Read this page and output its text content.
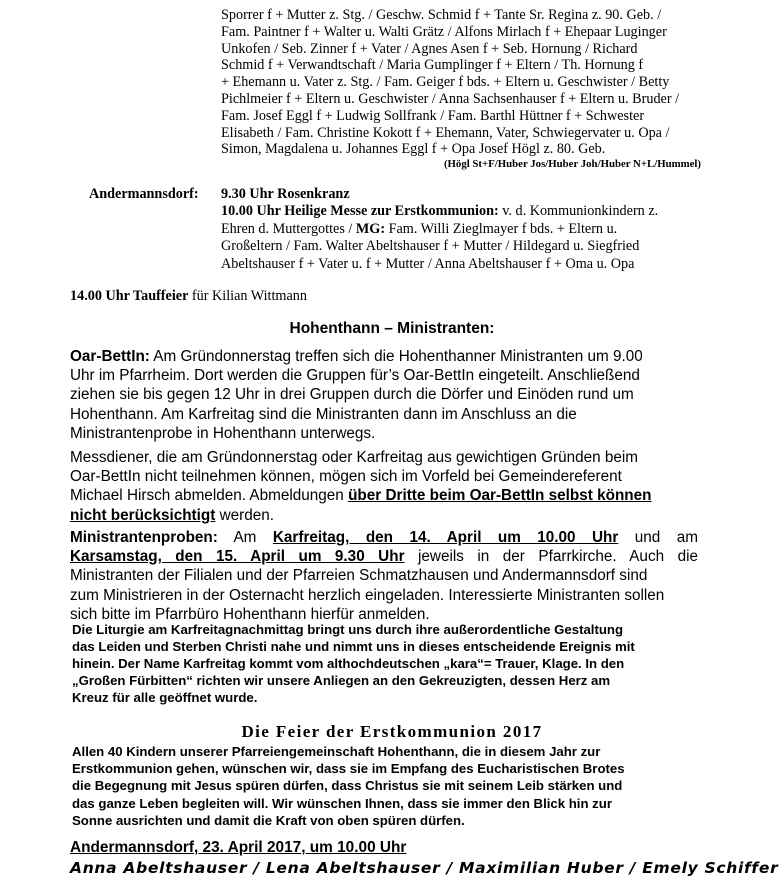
Sporrer f + Mutter z. Stg. / Geschw. Schmid f + Tante Sr. Regina z. 90. Geb. /
Fam. Paintner f + Walter u. Walti Grätz / Alfons Mirlach f + Ehepaar Luginger
Unkofen / Seb. Zinner f + Vater / Agnes Asen f + Seb. Hornung / Richard
Schmid f + Verwandtschaft / Maria Gumplinger f + Eltern / Th. Hornung f
+ Ehemann u. Vater z. Stg. / Fam. Geiger f bds. + Eltern u. Geschwister / Betty
Pichlmeier f + Eltern u. Geschwister / Anna Sachsenhauser f + Eltern u. Bruder /
Fam. Josef Eggl f + Ludwig Sollfrank / Fam. Barthl Hüttner f + Schwester
Elisabeth / Fam. Christine Kokott f + Ehemann, Vater, Schwiegervater u. Opa /
Simon, Magdalena u. Johannes Eggl f + Opa Josef Högl z. 80. Geb.
(Högl St+F/Huber Jos/Huber Joh/Huber N+L/Hummel)
Andermannsdorf: 9.30 Uhr Rosenkranz
10.00 Uhr Heilige Messe zur Erstkommunion: v. d. Kommunionkindern z.
Ehren d. Muttergottes / MG: Fam. Willi Zieglmayer f bds. + Eltern u.
Großeltern / Fam. Walter Abeltshauser f + Mutter / Hildegard u. Siegfried
Abeltshauser f + Vater u. f + Mutter / Anna Abeltshauser f + Oma u. Opa
14.00 Uhr Tauffeier für Kilian Wittmann
Hohenthann – Ministranten:
Oar-BettIn: Am Gründonnerstag treffen sich die Hohenthanner Ministranten um 9.00
Uhr im Pfarrheim. Dort werden die Gruppen für’s Oar-BettIn eingeteilt. Anschließend
ziehen sie bis gegen 12 Uhr in drei Gruppen durch die Dörfer und Einöden rund um
Hohenthann. Am Karfreitag sind die Ministranten dann im Anschluss an die
Ministrantenprobe in Hohenthann unterwegs.
Messdiener, die am Gründonnerstag oder Karfreitag aus gewichtigen Gründen beim
Oar-BettIn nicht teilnehmen können, mögen sich im Vorfeld bei Gemeindereferent
Michael Hirsch abmelden. Abmeldungen über Dritte beim Oar-BettIn selbst können
nicht berücksichtigt werden.
Ministrantenproben: Am Karfreitag, den 14. April um 10.00 Uhr und am
Karsamstag, den 15. April um 9.30 Uhr jeweils in der Pfarrkirche. Auch die
Ministranten der Filialen und der Pfarreien Schmatzhausen und Andermannsdorf sind
zum Ministrieren in der Osternacht herzlich eingeladen. Interessierte Ministranten sollen
sich bitte im Pfarrbüro Hohenthann hierfür anmelden.
Die Liturgie am Karfreitagnachmittag bringt uns durch ihre außerordentliche Gestaltung
das Leiden und Sterben Christi nahe und nimmt uns in dieses entscheidende Ereignis mit
hinein. Der Name Karfreitag kommt vom althochdeutschen „kara“= Trauer, Klage. In den
„Großen Fürbitten“ richten wir unsere Anliegen an den Gekreuzigten, dessen Herz am
Kreuz für alle geöffnet wurde.
Die Feier der Erstkommunion 2017
Allen 40 Kindern unserer Pfarreiengemeinschaft Hohenthann, die in diesem Jahr zur
Erstkommunion gehen, wünschen wir, dass sie im Empfang des Eucharistischen Brotes
die Begegnung mit Jesus spüren dürfen, dass Christus sie mit seinem Leib stärken und
das ganze Leben begleiten will. Wir wünschen Ihnen, dass sie immer den Blick hin zur
Sonne ausrichten und damit die Kraft von oben spüren dürfen.
Andermannsdorf, 23. April 2017, um 10.00 Uhr
Anna Abeltshauser / Lena Abeltshauser / Maximilian Huber / Emely Schiffer
